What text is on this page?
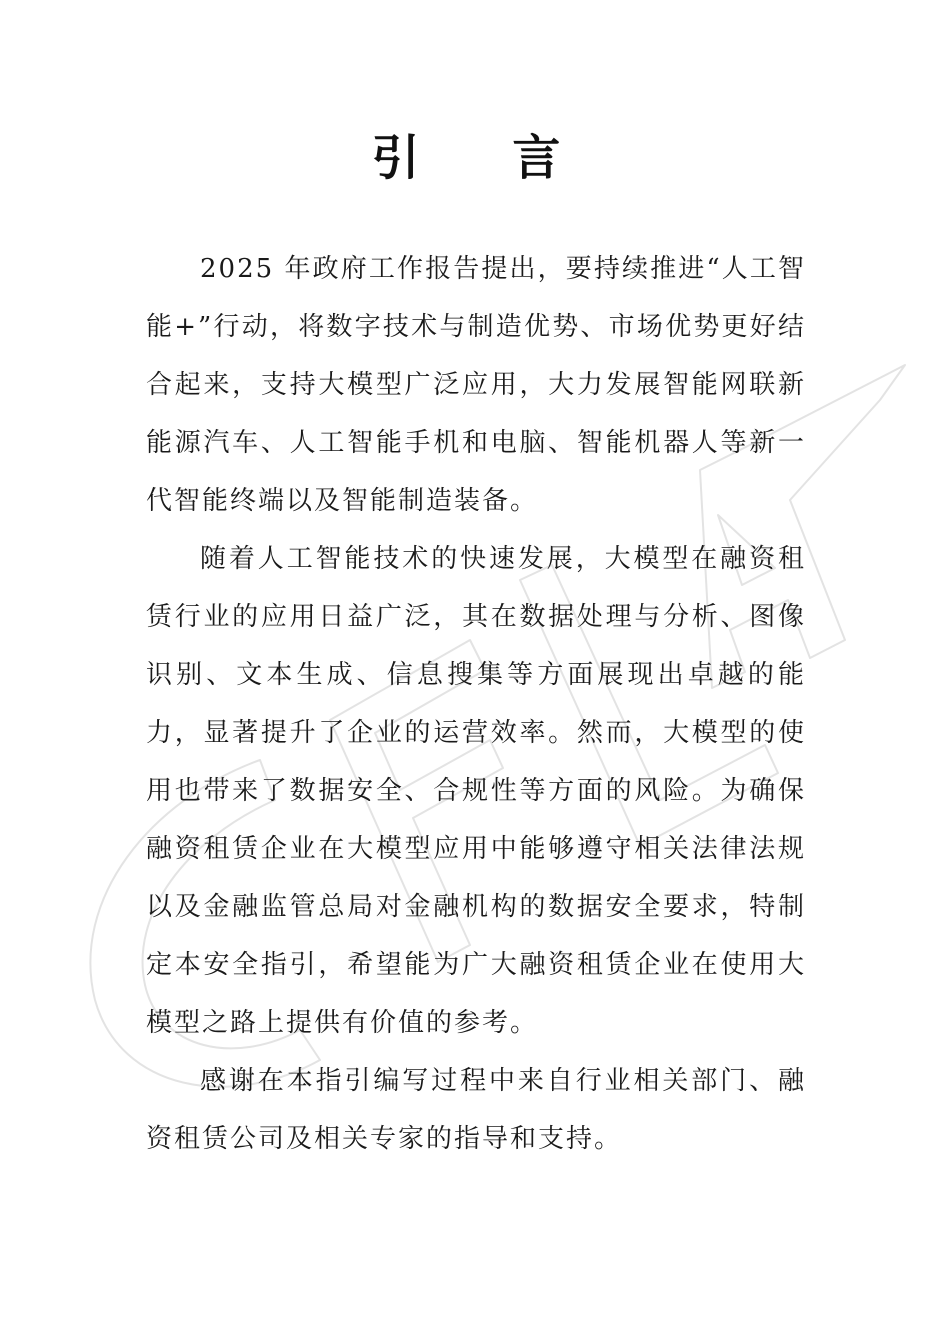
引 言

2025 年政府工作报告提出，要持续推进“人工智能+”行动，将数字技术与制造优势、市场优势更好结合起来，支持大模型广泛应用，大力发展智能网联新能源汽车、人工智能手机和电脑、智能机器人等新一代智能终端以及智能制造装备。

随着人工智能技术的快速发展，大模型在融资租赁行业的应用日益广泛，其在数据处理与分析、图像识别、文本生成、信息搜集等方面展现出卓越的能力，显著提升了企业的运营效率。然而，大模型的使用也带来了数据安全、合规性等方面的风险。为确保融资租赁企业在大模型应用中能够遵守相关法律法规以及金融监管总局对金融机构的数据安全要求，特制定本安全指引，希望能为广大融资租赁企业在使用大模型之路上提供有价值的参考。

感谢在本指引编写过程中来自行业相关部门、融资租赁公司及相关专家的指导和支持。
